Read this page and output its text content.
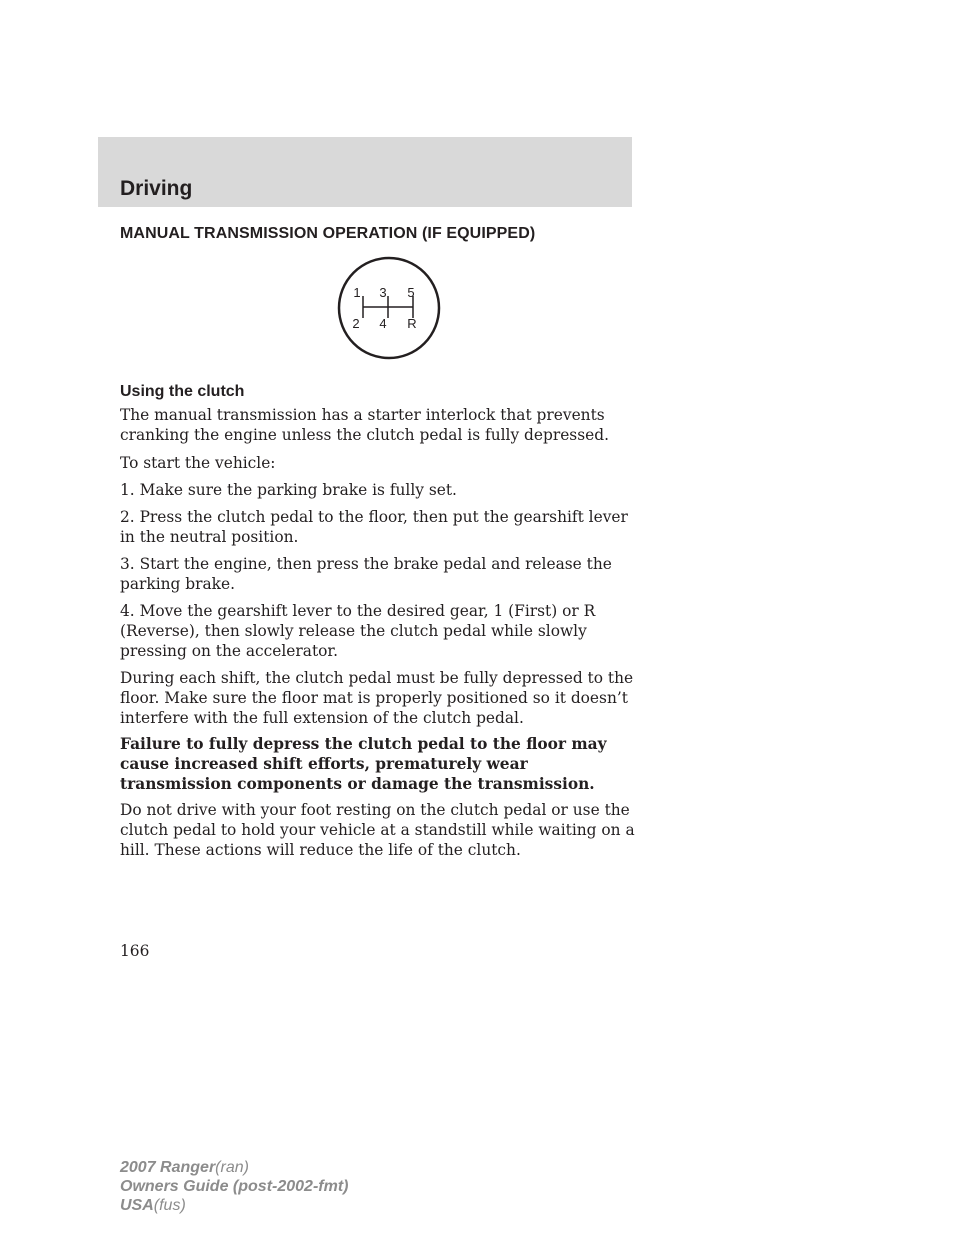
Driving
MANUAL TRANSMISSION OPERATION (IF EQUIPPED)
1 3 5
2 4 R
Using the clutch

The manual transmission has a starter interlock that prevents cranking the engine unless the clutch pedal is fully depressed.

To start the vehicle:

1. Make sure the parking brake is fully set.

2. Press the clutch pedal to the floor, then put the gearshift lever in the neutral position.

3. Start the engine, then press the brake pedal and release the parking brake.

4. Move the gearshift lever to the desired gear, 1 (First) or R (Reverse), then slowly release the clutch pedal while slowly pressing on the accelerator.

During each shift, the clutch pedal must be fully depressed to the floor. Make sure the floor mat is properly positioned so it doesn’t interfere with the full extension of the clutch pedal.

Failure to fully depress the clutch pedal to the floor may cause increased shift efforts, prematurely wear transmission components or damage the transmission.

Do not drive with your foot resting on the clutch pedal or use the clutch pedal to hold your vehicle at a standstill while waiting on a hill. These actions will reduce the life of the clutch.

166
2007 Ranger(ran)
Owners Guide (post-2002-fmt)
USA(fus)
